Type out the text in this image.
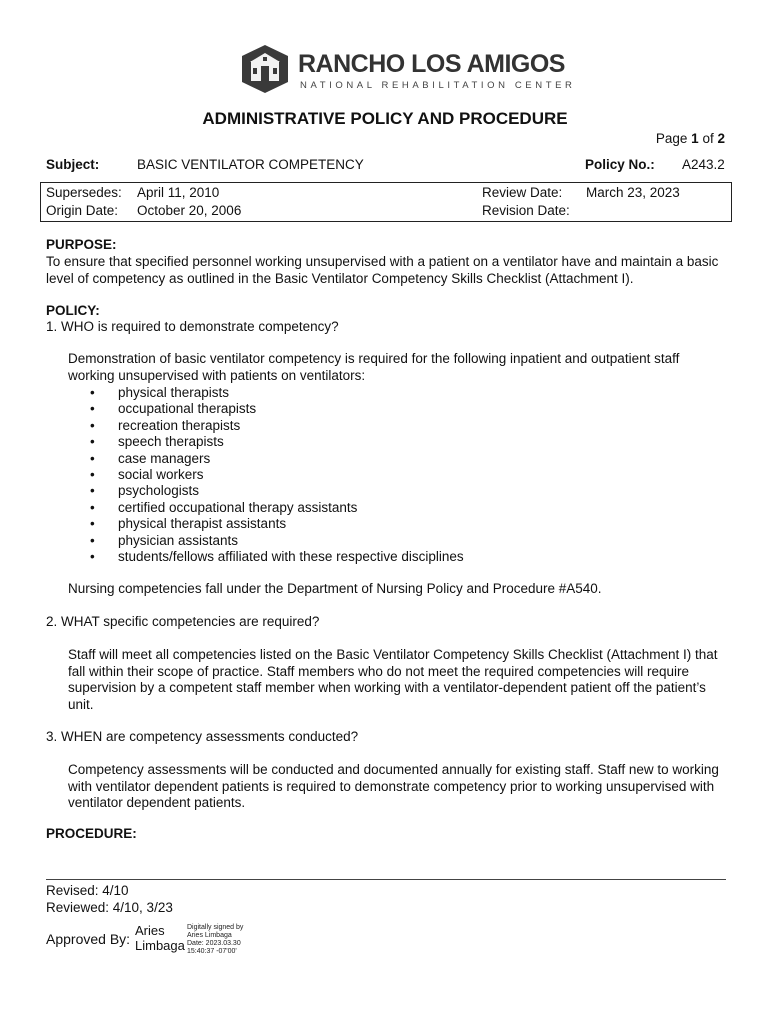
RANCHO LOS AMIGOS
NATIONAL REHABILITATION CENTER
ADMINISTRATIVE POLICY AND PROCEDURE
Page 1 of 2
Subject:	BASIC VENTILATOR COMPETENCY	Policy No.: A243.2
Supersedes: April 11, 2010
Origin Date: October 20, 2006
Review Date: March 23, 2023
Revision Date:
PURPOSE:
To ensure that specified personnel working unsupervised with a patient on a ventilator have and maintain a basic level of competency as outlined in the Basic Ventilator Competency Skills Checklist (Attachment I).
POLICY:
1. WHO is required to demonstrate competency?
Demonstration of basic ventilator competency is required for the following inpatient and outpatient staff working unsupervised with patients on ventilators:
• physical therapists
• occupational therapists
• recreation therapists
• speech therapists
• case managers
• social workers
• psychologists
• certified occupational therapy assistants
• physical therapist assistants
• physician assistants
• students/fellows affiliated with these respective disciplines
Nursing competencies fall under the Department of Nursing Policy and Procedure #A540.
2. WHAT specific competencies are required?
Staff will meet all competencies listed on the Basic Ventilator Competency Skills Checklist (Attachment I) that fall within their scope of practice. Staff members who do not meet the required competencies will require supervision by a competent staff member when working with a ventilator-dependent patient off the patient’s unit.
3. WHEN are competency assessments conducted?
Competency assessments will be conducted and documented annually for existing staff. Staff new to working with ventilator dependent patients is required to demonstrate competency prior to working unsupervised with ventilator dependent patients.
PROCEDURE:
Revised: 4/10
Reviewed: 4/10, 3/23
Approved By:
Aries
Limbaga
Digitally signed by
Aries Limbaga
Date: 2023.03.30
15:40:37 -07'00'
